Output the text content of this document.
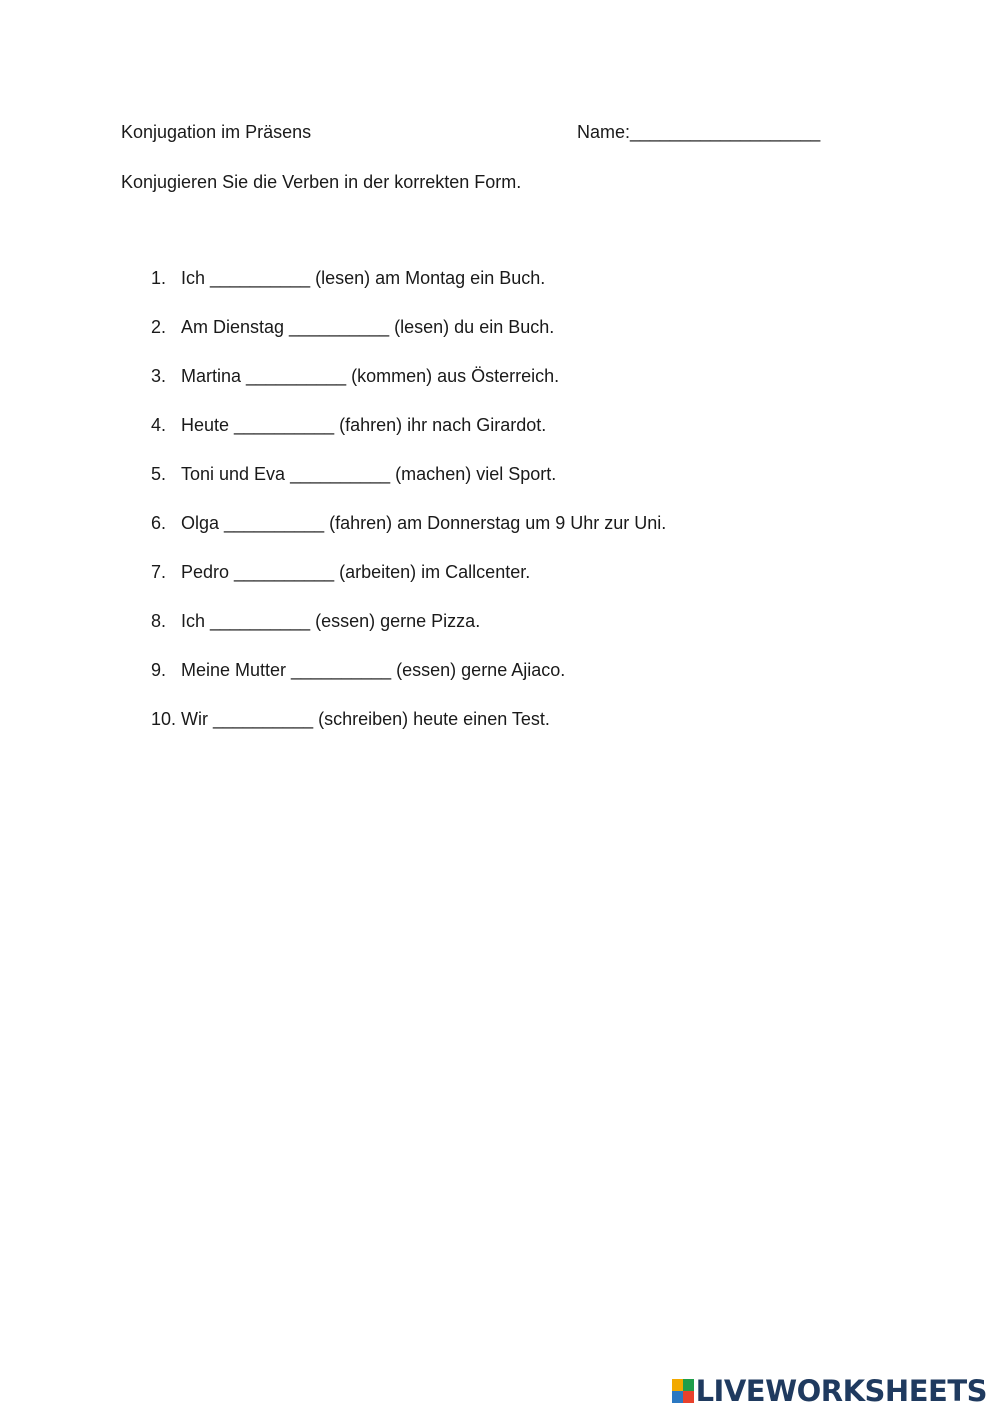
Konjugation im Präsens	Name:___________________
Konjugieren Sie die Verben in der korrekten Form.

1.

Ich __________ (lesen) am Montag ein Buch.

2.

Am Dienstag __________ (lesen) du ein Buch.

3.

Martina __________ (kommen) aus Österreich.

4.

Heute __________ (fahren) ihr nach Girardot.

5.

Toni und Eva __________ (machen) viel Sport.

6.

Olga __________ (fahren) am Donnerstag um 9 Uhr zur Uni.

7.

Pedro __________ (arbeiten) im Callcenter.

8.

Ich __________ (essen) gerne Pizza.

9.

Meine Mutter __________ (essen) gerne Ajiaco.

10.

Wir __________ (schreiben) heute einen Test.

LIVEWORKSHEETS
